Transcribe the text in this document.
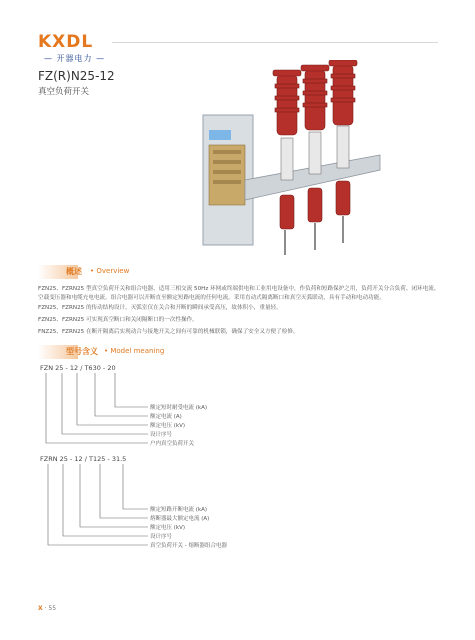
KXDL
— 开器电力 —
FZ(R)N25-12
真空负荷开关
概述 • Overview
FZN25、FZRN25 型真空负荷开关和组合电器，适用三相交流 50Hz 环网或终端供电和工业用电设备中，作负荷和短路保护之用，负荷开关分合负荷、闭环电流、空载变压器和电缆充电电流。组合电器可以开断直至额定短路电流的任何电流。采用直动式隔离断口和真空灭弧联动，具有手动和电动功能。
FZN25、FZRN25 的传动结构设计，灭弧室仅在关合和开断的瞬间承受高压，故体积小，重量轻。
FZN25、FZRN25 可实现真空断口和关闭隔断口的一次性操作。
FNZ25、FZRN25 在断开隔离后实现动合与接地开关之间有可靠的机械联锁，确保了安全又方便了检修。
型号含义 • Model meaning
FZN 25 - 12 / T630 - 20
额定短时耐受电流 (kA)
额定电流 (A)
额定电压 (kV)
设计序号
户内真空负荷开关
FZRN 25 - 12 / T125 - 31.5
额定短路开断电流 (kA)
熔断器最大额定电流 (A)
额定电压 (kV)
设计序号
真空负荷开关 - 熔断器组合电器
X · 55
